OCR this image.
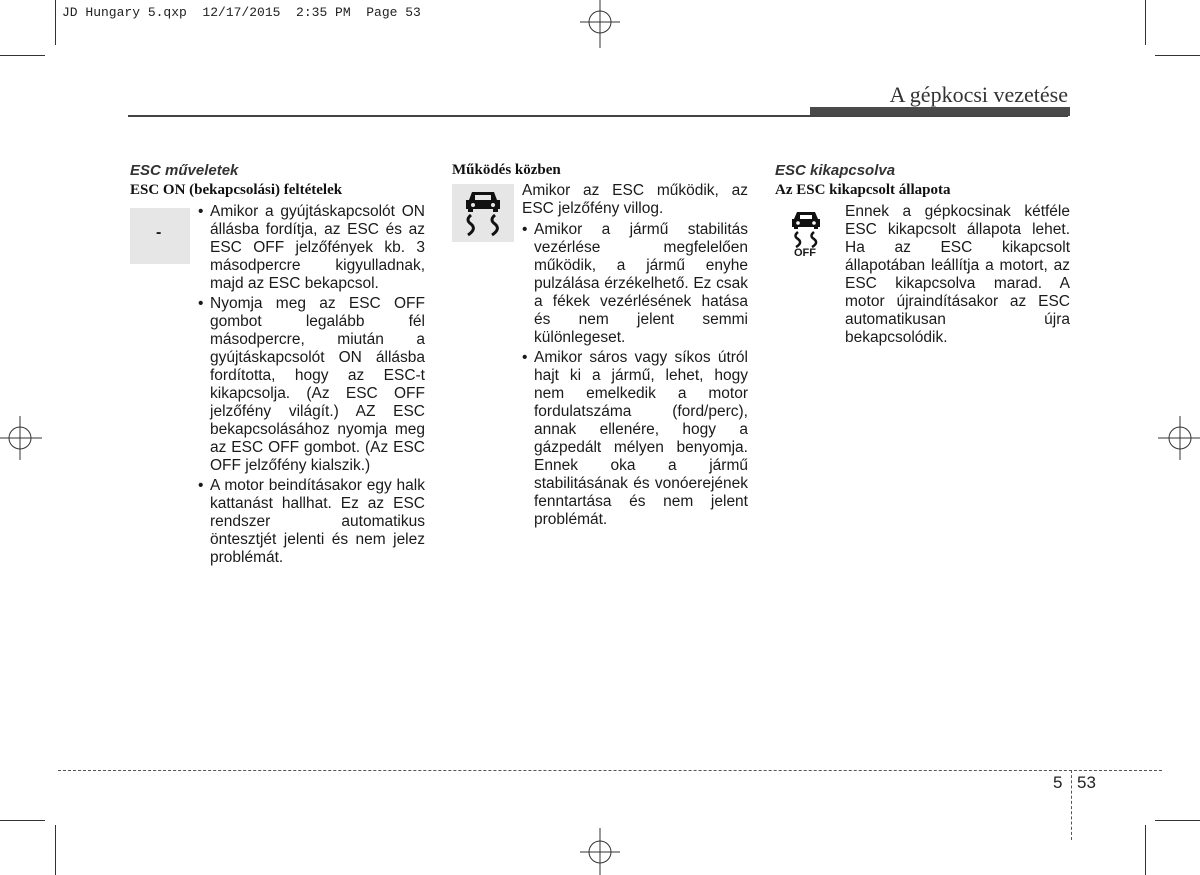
JD Hungary 5.qxp  12/17/2015  2:35 PM  Page 53
A gépkocsi vezetése
ESC műveletek
ESC ON (bekapcsolási) feltételek
-
• Amikor a gyújtáskapcsolót ON állásba fordítja, az ESC és az ESC OFF jelzőfények kb. 3 másodpercre kigyulladnak, majd az ESC bekapcsol.
• Nyomja meg az ESC OFF gombot legalább fél másodpercre, miután a gyújtáskapcsolót ON állásba fordította, hogy az ESC-t kikapcsolja. (Az ESC OFF jelzőfény világít.) AZ ESC bekapcsolásához nyomja meg az ESC OFF gombot. (Az ESC OFF jelzőfény kialszik.)
• A motor beindításakor egy halk kattanást hallhat. Ez az ESC rendszer automatikus öntesztjét jelenti és nem jelez problémát.
Működés közben
Amikor az ESC működik, az ESC jelzőfény villog.
• Amikor a jármű stabilitás vezérlése megfelelően működik, a jármű enyhe pulzálása érzékelhető. Ez csak a fékek vezérlésének hatása és nem jelent semmi különlegeset.
• Amikor sáros vagy síkos útról hajt ki a jármű, lehet, hogy nem emelkedik a motor fordulatszáma (ford/perc), annak ellenére, hogy a gázpedált mélyen benyomja. Ennek oka a jármű stabilitásának és vonóerejének fenntartása és nem jelent problémát.
ESC kikapcsolva
Az ESC kikapcsolt állapota
OFF
Ennek a gépkocsinak kétféle ESC kikapcsolt állapota lehet. Ha az ESC kikapcsolt állapotában leállítja a motort, az ESC kikapcsolva marad. A motor újraindításakor az ESC automatikusan újra bekapcsolódik.
5 53
